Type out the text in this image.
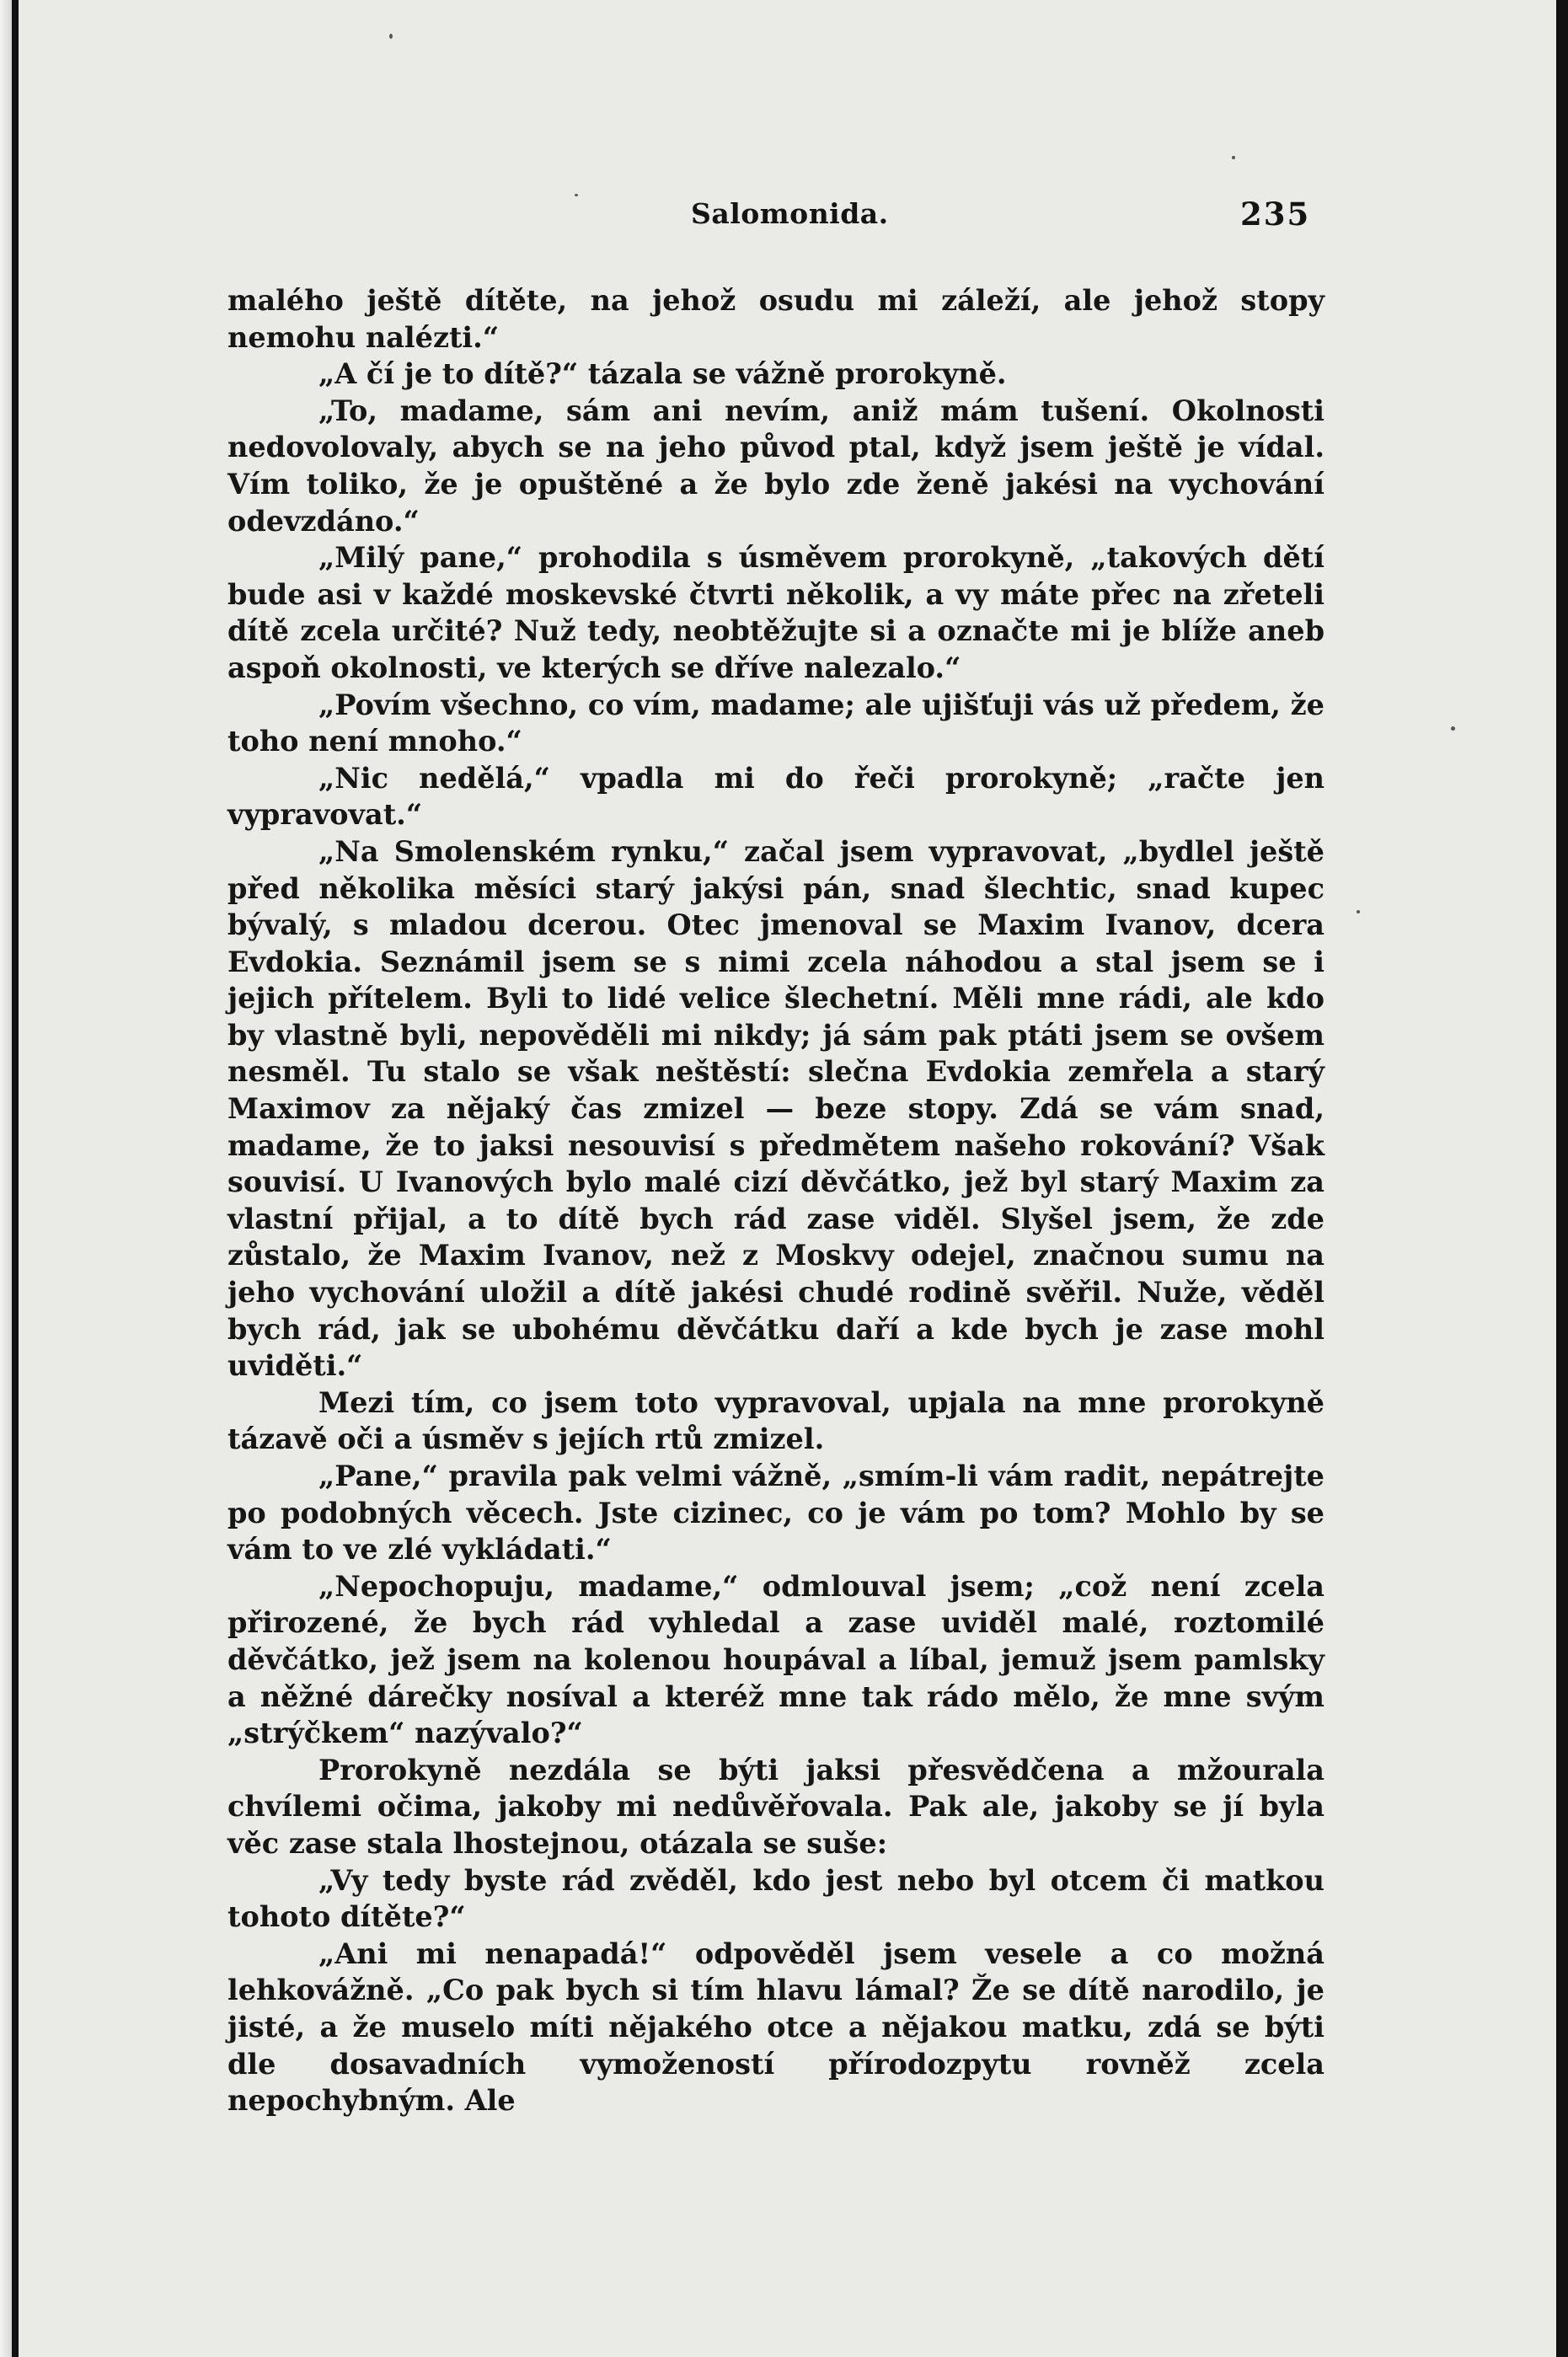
Salomonida.	235

malého ještě dítěte, na jehož osudu mi záleží, ale jehož stopy nemohu nalézti.“

„A čí je to dítě?“ tázala se vážně prorokyně.

„To, madame, sám ani nevím, aniž mám tušení. Okolnosti nedovolovaly, abych se na jeho původ ptal, když jsem ještě je vídal. Vím toliko, že je opuštěné a že bylo zde ženě jakési na vychování odevzdáno.“

„Milý pane,“ prohodila s úsměvem prorokyně, „takových dětí bude asi v každé moskevské čtvrti několik, a vy máte přec na zřeteli dítě zcela určité? Nuž tedy, neobtěžujte si a označte mi je blíže aneb aspoň okolnosti, ve kterých se dříve nalezalo.“

„Povím všechno, co vím, madame; ale ujišťuji vás už předem, že toho není mnoho.“

„Nic nedělá,“ vpadla mi do řeči prorokyně; „račte jen vypravovat.“

„Na Smolenském rynku,“ začal jsem vypravovat, „bydlel ještě před několika měsíci starý jakýsi pán, snad šlechtic, snad kupec bývalý, s mladou dcerou. Otec jmenoval se Maxim Ivanov, dcera Evdokia. Seznámil jsem se s nimi zcela náhodou a stal jsem se i jejich přítelem. Byli to lidé velice šlechetní. Měli mne rádi, ale kdo by vlastně byli, nepověděli mi nikdy; já sám pak ptáti jsem se ovšem nesměl. Tu stalo se však neštěstí: slečna Evdokia zemřela a starý Maximov za nějaký čas zmizel — beze stopy. Zdá se vám snad, madame, že to jaksi nesouvisí s předmětem našeho rokování? Však souvisí. U Ivanových bylo malé cizí děvčátko, jež byl starý Maxim za vlastní přijal, a to dítě bych rád zase viděl. Slyšel jsem, že zde zůstalo, že Maxim Ivanov, než z Moskvy odejel, značnou sumu na jeho vychování uložil a dítě jakési chudé rodině svěřil. Nuže, věděl bych rád, jak se ubohému děvčátku daří a kde bych je zase mohl uviděti.“

Mezi tím, co jsem toto vypravoval, upjala na mne prorokyně tázavě oči a úsměv s jejích rtů zmizel.

„Pane,“ pravila pak velmi vážně, „smím-li vám radit, nepátrejte po podobných věcech. Jste cizinec, co je vám po tom? Mohlo by se vám to ve zlé vykládati.“

„Nepochopuju, madame,“ odmlouval jsem; „což není zcela přirozené, že bych rád vyhledal a zase uviděl malé, roztomilé děvčátko, jež jsem na kolenou houpával a líbal, jemuž jsem pamlsky a něžné dárečky nosíval a kteréž mne tak rádo mělo, že mne svým „strýčkem“ nazývalo?“

Prorokyně nezdála se býti jaksi přesvědčena a mžourala chvílemi očima, jakoby mi nedůvěřovala. Pak ale, jakoby se jí byla věc zase stala lhostejnou, otázala se suše:

„Vy tedy byste rád zvěděl, kdo jest nebo byl otcem či matkou tohoto dítěte?“

„Ani mi nenapadá!“ odpověděl jsem vesele a co možná lehkovážně. „Co pak bych si tím hlavu lámal? Že se dítě narodilo, je jisté, a že muselo míti nějakého otce a nějakou matku, zdá se býti dle dosavadních vymožeností přírodozpytu rovněž zcela nepochybným. Ale
